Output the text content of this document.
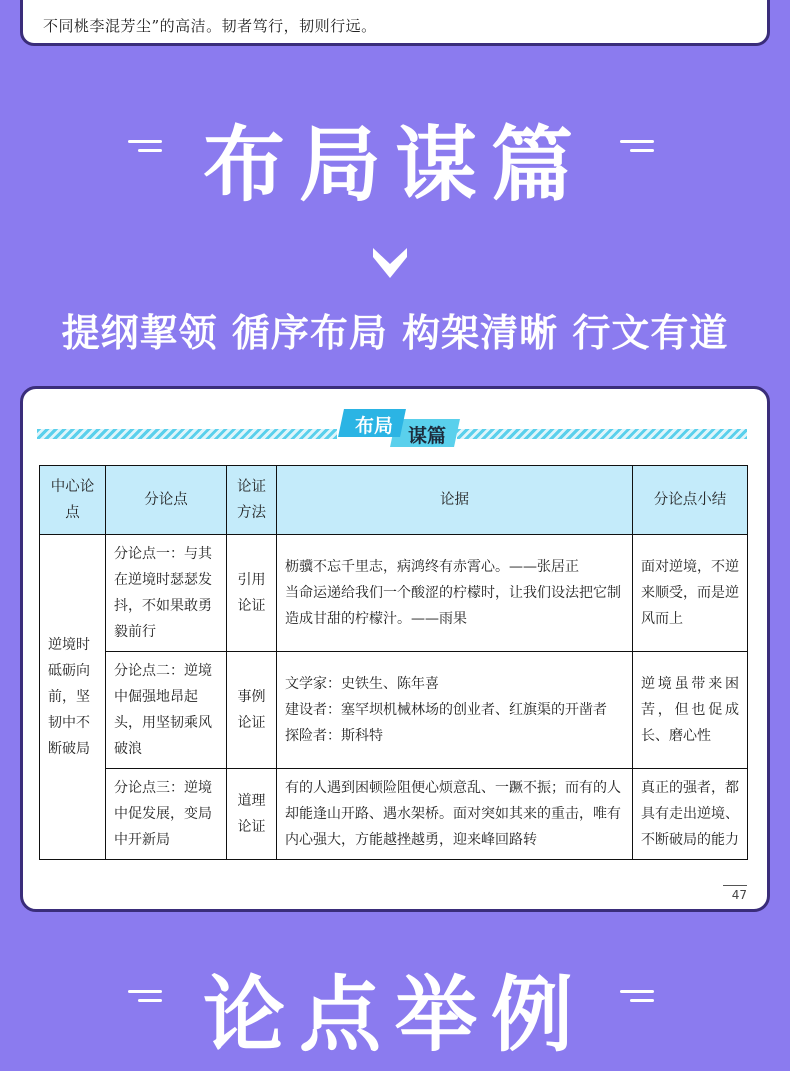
不同桃李混芳尘”的高洁。韧者笃行，韧则行远。
布局谋篇
提纲挈领 循序布局 构架清晰 行文有道
布局 谋篇
中心论点	分论点	论证方法	论据	分论点小结
逆境时砥砺向前，坚韧中不断破局	分论点一：与其在逆境时瑟瑟发抖，不如果敢勇毅前行	引用论证	枥骥不忘千里志，病鸿终有赤霄心。——张居正
当命运递给我们一个酸涩的柠檬时，让我们设法把它制造成甘甜的柠檬汁。——雨果	面对逆境，不逆来顺受，而是逆风而上
	分论点二：逆境中倔强地昂起头，用坚韧乘风破浪	事例论证	文学家：史铁生、陈年喜
建设者：塞罕坝机械林场的创业者、红旗渠的开凿者
探险者：斯科特	逆境虽带来困苦，但也促成长、磨心性
	分论点三：逆境中促发展，变局中开新局	道理论证	有的人遇到困顿险阻便心烦意乱、一蹶不振；而有的人却能逢山开路、遇水架桥。面对突如其来的重击，唯有内心强大，方能越挫越勇，迎来峰回路转	真正的强者，都具有走出逆境、不断破局的能力
47
论点举例
